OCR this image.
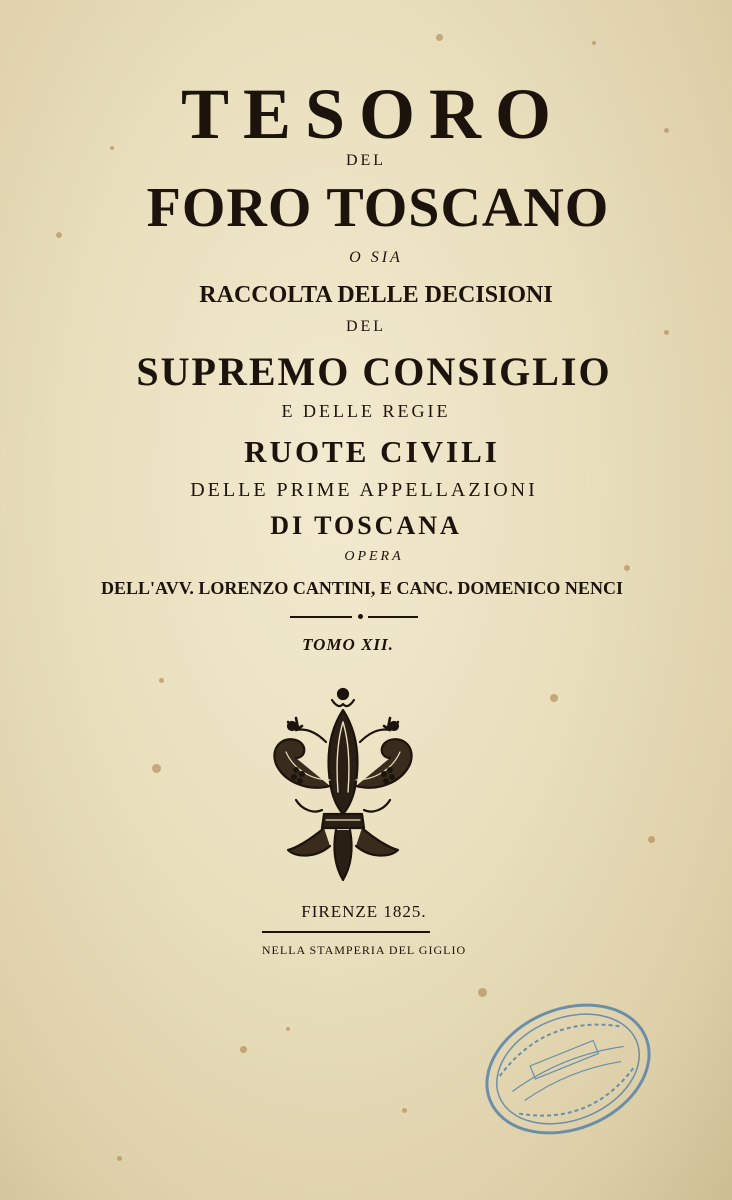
TESORO
DEL
FORO TOSCANO
O SIA
RACCOLTA DELLE DECISIONI
DEL
SUPREMO CONSIGLIO
E DELLE REGIE
RUOTE CIVILI
DELLE PRIME APPELLAZIONI
DI TOSCANA
OPERA
DELL'AVV. LORENZO CANTINI, E CANC. DOMENICO NENCI
TOMO XII.
FIRENZE 1825.
NELLA STAMPERIA DEL GIGLIO
